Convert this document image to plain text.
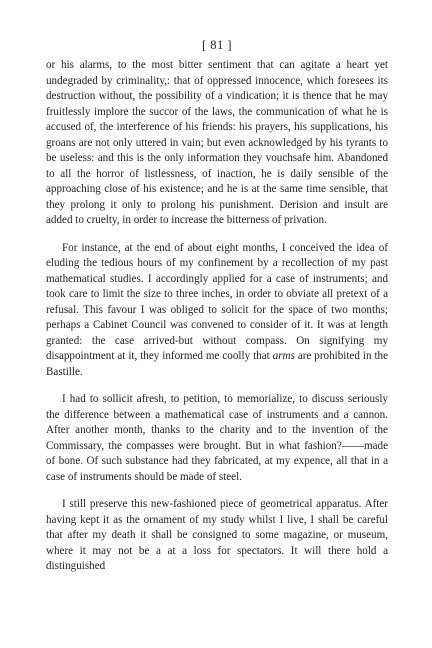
[ 81 ]

or his alarms, to the most bitter sentiment that can agitate a heart yet undegraded by criminality,: that of oppressed innocence, which foresees its destruction without, the possibility of a vindication; it is thence that he may fruitlessly implore the succor of the laws, the communication of what he is accused of, the interference of his friends: his prayers, his supplications, his groans are not only uttered in vain; but even acknowledged by his tyrants to be useless: and this is the only information they vouchsafe him. Abandoned to all the horror of listlessness, of inaction, he is daily sensible of the approaching close of his existence; and he is at the same time sensible, that they prolong it only to prolong his punishment. Derision and insult are added to cruelty, in order to increase the bitterness of privation.

For instance, at the end of about eight months, I conceived the idea of eluding the tedious hours of my confinement by a recollection of my past mathematical studies. I accordingly applied for a case of instruments; and took care to limit the size to three inches, in order to obviate all pretext of a refusal. This favour I was obliged to solicit for the space of two months; perhaps a Cabinet Council was convened to consider of it. It was at length granted: the case arrived-but without compass. On signifying my disappointment at it, they informed me coolly that arms are prohibited in the Bastille.

I had to sollicit afresh, to petition, to memorialize, to discuss seriously the difference between a mathematical case of instruments and a cannon. After another month, thanks to the charity and to the invention of the Commissary, the compasses were brought. But in what fashion?——made of bone. Of such substance had they fabricated, at my expence, all that in a case of instruments should be made of steel.

I still preserve this new-fashioned piece of geometrical apparatus. After having kept it as the ornament of my study whilst I live, I shall be careful that after my death it shall be consigned to some magazine, or museum, where it may not be a at a loss for spectators. It will there hold a distinguished
